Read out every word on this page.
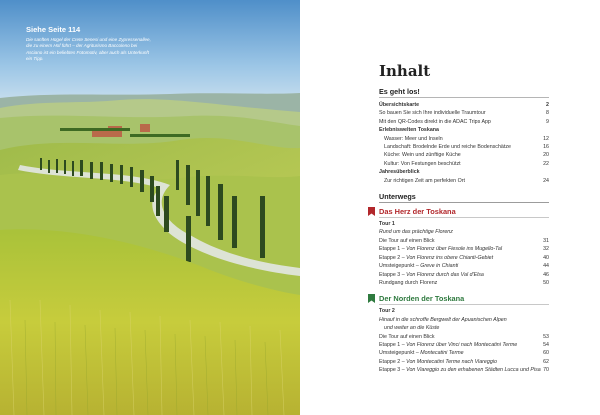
Siehe Seite 114
Die sanften Hügel der Crete Senesi und eine Zypressenallee, die zu einem Hof führt – der Agriturismo Baccoleno bei Asciano ist ein beliebtes Fotomotiv, aber auch als Unterkunft ein Tipp.
Inhalt
Es geht los!
Übersichtskarte	2
So bauen Sie sich Ihre individuelle Traumtour	8
Mit den QR-Codes direkt in die ADAC Trips App	9
Erlebniswelten Toskana
Wasser: Meer und Inseln	12
Landschaft: Brodelnde Erde und reiche Bodenschätze	16
Küche: Wein und zünftige Küche	20
Kultur: Von Festungen beschützt	22
Jahresüberblick
Zur richtigen Zeit am perfekten Ort	24
Unterwegs
Das Herz der Toskana
Tour 1
Rund um das prächtige Florenz
Die Tour auf einen Blick	31
Etappe 1 – Von Florenz über Fiesole ins Mugello-Tal	32
Etappe 2 – Von Florenz ins obere Chianti-Gebiet	40
Umsteigepunkt – Greve in Chianti	44
Etappe 3 – Von Florenz durch das Val d'Elsa	46
Rundgang durch Florenz	50
Der Norden der Toskana
Tour 2
Hinauf in die schroffe Bergwelt der Apuanischen Alpen
und weiter an die Küste
Die Tour auf einen Blick	53
Etappe 1 – Von Florenz über Vinci nach Montecatini Terme	54
Umsteigepunkt – Montecatini Terme	60
Etappe 2 – Von Montecatini Terme nach Viareggio	62
Etappe 3 – Von Viareggio zu den erhabenen Städten Lucca und Pisa 70
